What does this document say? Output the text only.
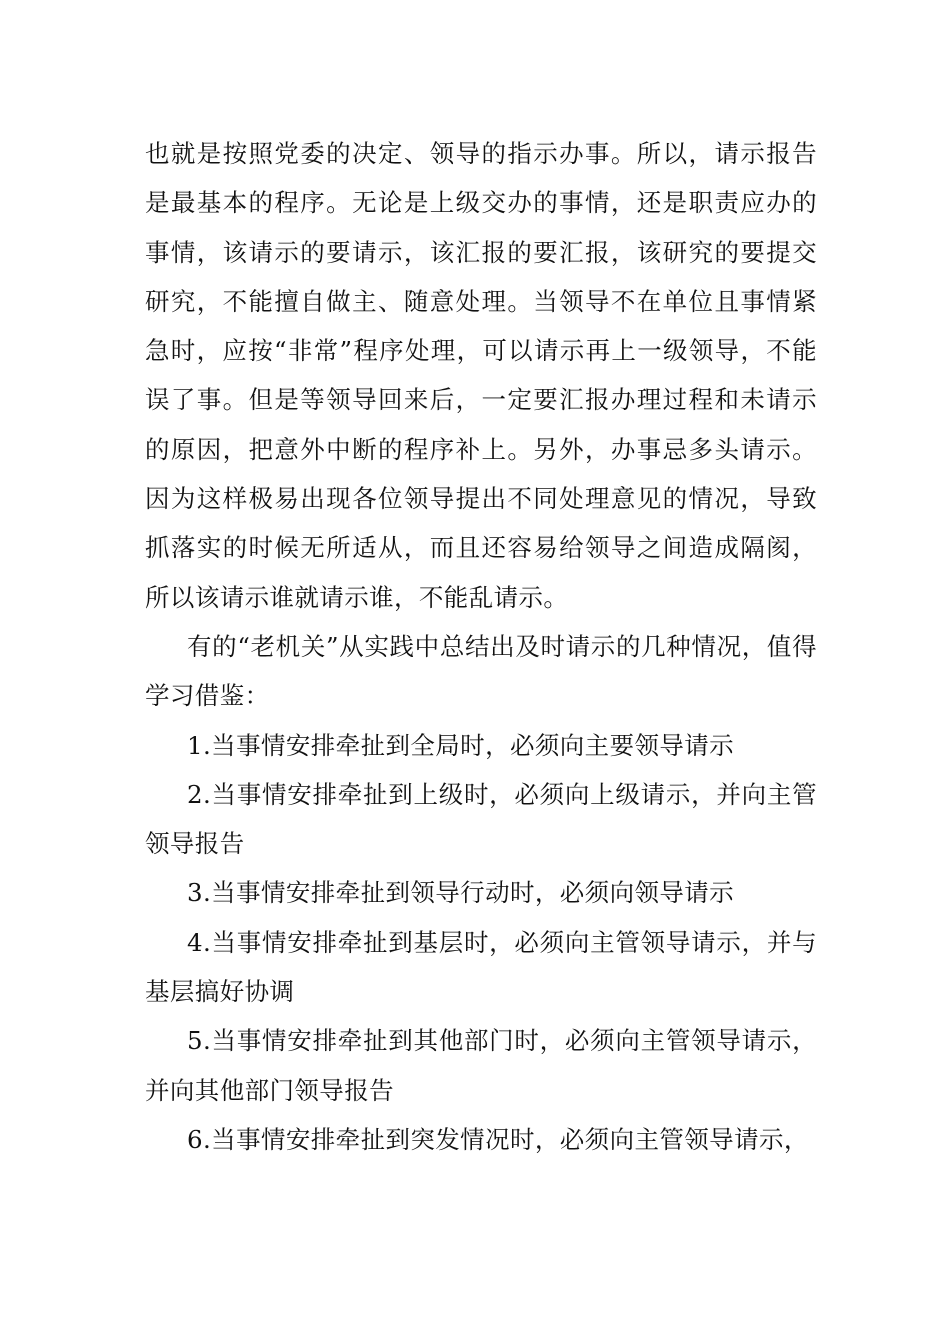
也就是按照党委的决定、领导的指示办事。所以，请示报告是最基本的程序。无论是上级交办的事情，还是职责应办的事情，该请示的要请示，该汇报的要汇报，该研究的要提交研究，不能擅自做主、随意处理。当领导不在单位且事情紧急时，应按“非常”程序处理，可以请示再上一级领导，不能误了事。但是等领导回来后，一定要汇报办理过程和未请示的原因，把意外中断的程序补上。另外，办事忌多头请示。因为这样极易出现各位领导提出不同处理意见的情况，导致抓落实的时候无所适从，而且还容易给领导之间造成隔阂，所以该请示谁就请示谁，不能乱请示。

有的“老机关”从实践中总结出及时请示的几种情况，值得学习借鉴：

1.当事情安排牵扯到全局时，必须向主要领导请示

2.当事情安排牵扯到上级时，必须向上级请示，并向主管领导报告

3.当事情安排牵扯到领导行动时，必须向领导请示

4.当事情安排牵扯到基层时，必须向主管领导请示，并与基层搞好协调

5.当事情安排牵扯到其他部门时，必须向主管领导请示，并向其他部门领导报告

6.当事情安排牵扯到突发情况时，必须向主管领导请示，
